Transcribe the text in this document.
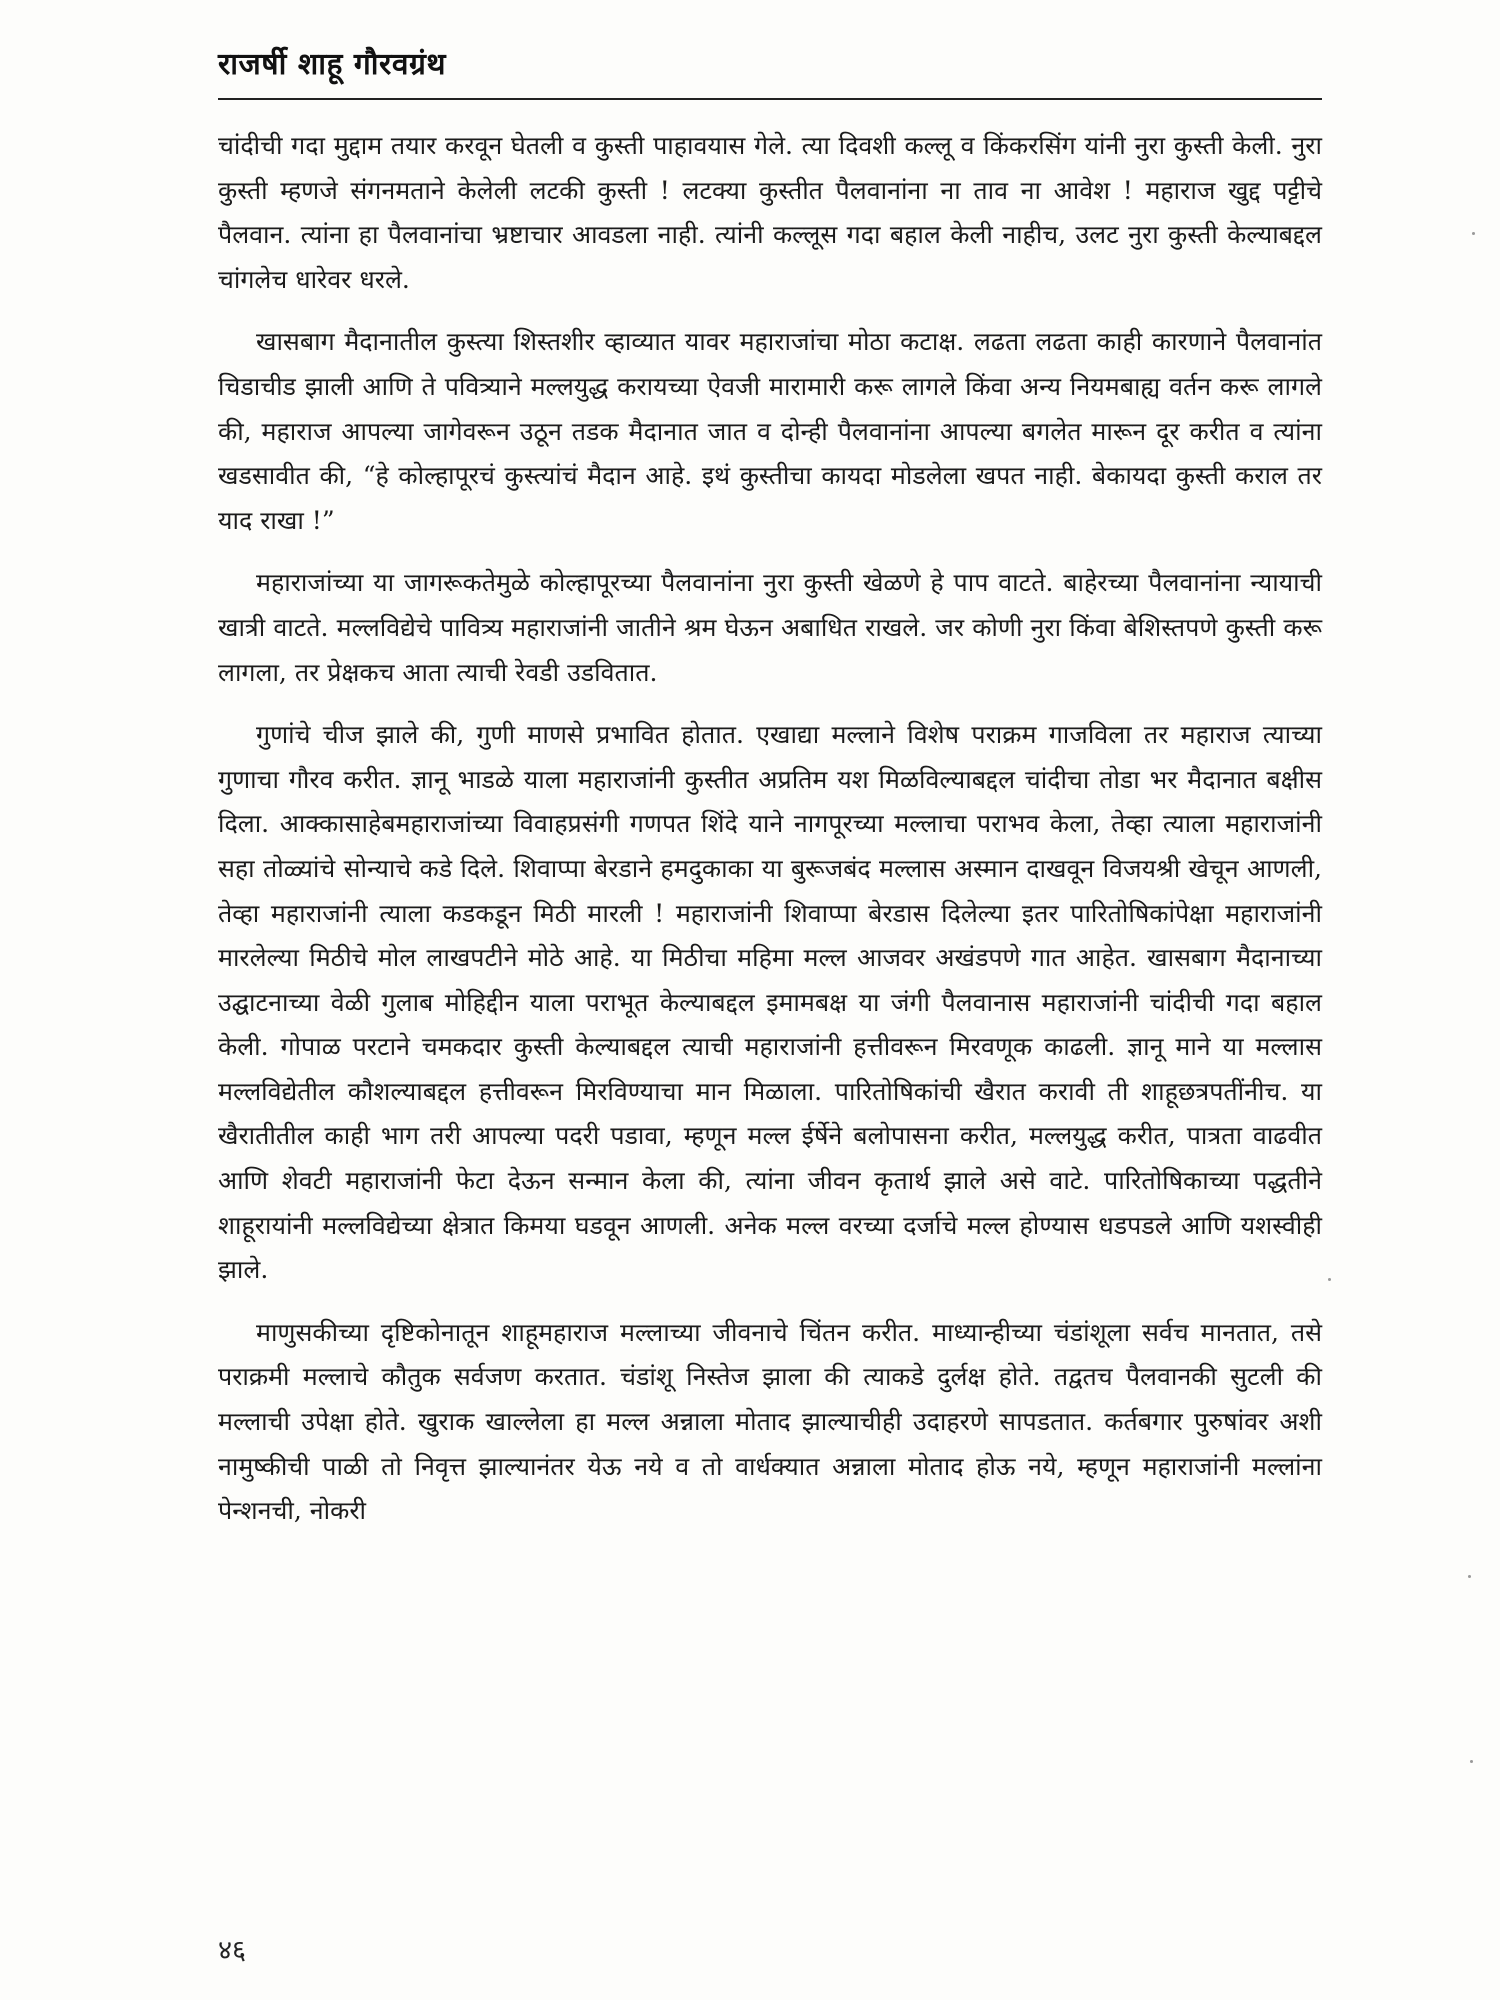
राजर्षी शाहू गौरवग्रंथ

चांदीची गदा मुद्दाम तयार करवून घेतली व कुस्ती पाहावयास गेले. त्या दिवशी कल्लू व किंकरसिंग यांनी नुरा कुस्ती केली. नुरा कुस्ती म्हणजे संगनमताने केलेली लटकी कुस्ती ! लटक्या कुस्तीत पैलवानांना ना ताव ना आवेश ! महाराज खुद्द पट्टीचे पैलवान. त्यांना हा पैलवानांचा भ्रष्टाचार आवडला नाही. त्यांनी कल्लूस गदा बहाल केली नाहीच, उलट नुरा कुस्ती केल्याबद्दल चांगलेच धारेवर धरले.

खासबाग मैदानातील कुस्त्या शिस्तशीर व्हाव्यात यावर महाराजांचा मोठा कटाक्ष. लढता लढता काही कारणाने पैलवानांत चिडाचीड झाली आणि ते पवित्र्याने मल्लयुद्ध करायच्या ऐवजी मारामारी करू लागले किंवा अन्य नियमबाह्य वर्तन करू लागले की, महाराज आपल्या जागेवरून उठून तडक मैदानात जात व दोन्ही पैलवानांना आपल्या बगलेत मारून दूर करीत व त्यांना खडसावीत की, “हे कोल्हापूरचं कुस्त्यांचं मैदान आहे. इथं कुस्तीचा कायदा मोडलेला खपत नाही. बेकायदा कुस्ती कराल तर याद राखा !”

महाराजांच्या या जागरूकतेमुळे कोल्हापूरच्या पैलवानांना नुरा कुस्ती खेळणे हे पाप वाटते. बाहेरच्या पैलवानांना न्यायाची खात्री वाटते. मल्लविद्येचे पावित्र्य महाराजांनी जातीने श्रम घेऊन अबाधित राखले. जर कोणी नुरा किंवा बेशिस्तपणे कुस्ती करू लागला, तर प्रेक्षकच आता त्याची रेवडी उडवितात.

गुणांचे चीज झाले की, गुणी माणसे प्रभावित होतात. एखाद्या मल्लाने विशेष पराक्रम गाजविला तर महाराज त्याच्या गुणाचा गौरव करीत. ज्ञानू भाडळे याला महाराजांनी कुस्तीत अप्रतिम यश मिळविल्याबद्दल चांदीचा तोडा भर मैदानात बक्षीस दिला. आक्कासाहेबमहाराजांच्या विवाहप्रसंगी गणपत शिंदे याने नागपूरच्या मल्लाचा पराभव केला, तेव्हा त्याला महाराजांनी सहा तोळ्यांचे सोन्याचे कडे दिले. शिवाप्पा बेरडाने हमदुकाका या बुरूजबंद मल्लास अस्मान दाखवून विजयश्री खेचून आणली, तेव्हा महाराजांनी त्याला कडकडून मिठी मारली ! महाराजांनी शिवाप्पा बेरडास दिलेल्या इतर पारितोषिकांपेक्षा महाराजांनी मारलेल्या मिठीचे मोल लाखपटीने मोठे आहे. या मिठीचा महिमा मल्ल आजवर अखंडपणे गात आहेत. खासबाग मैदानाच्या उद्घाटनाच्या वेळी गुलाब मोहिद्दीन याला पराभूत केल्याबद्दल इमामबक्ष या जंगी पैलवानास महाराजांनी चांदीची गदा बहाल केली. गोपाळ परटाने चमकदार कुस्ती केल्याबद्दल त्याची महाराजांनी हत्तीवरून मिरवणूक काढली. ज्ञानू माने या मल्लास मल्लविद्येतील कौशल्याबद्दल हत्तीवरून मिरविण्याचा मान मिळाला. पारितोषिकांची खैरात करावी ती शाहूछत्रपतींनीच. या खैरातीतील काही भाग तरी आपल्या पदरी पडावा, म्हणून मल्ल ईर्षेने बलोपासना करीत, मल्लयुद्ध करीत, पात्रता वाढवीत आणि शेवटी महाराजांनी फेटा देऊन सन्मान केला की, त्यांना जीवन कृतार्थ झाले असे वाटे. पारितोषिकाच्या पद्धतीने शाहूरायांनी मल्लविद्येच्या क्षेत्रात किमया घडवून आणली. अनेक मल्ल वरच्या दर्जाचे मल्ल होण्यास धडपडले आणि यशस्वीही झाले.

माणुसकीच्या दृष्टिकोनातून शाहूमहाराज मल्लाच्या जीवनाचे चिंतन करीत. माध्यान्हीच्या चंडांशूला सर्वच मानतात, तसे पराक्रमी मल्लाचे कौतुक सर्वजण करतात. चंडांशू निस्तेज झाला की त्याकडे दुर्लक्ष होते. तद्वतच पैलवानकी सुटली की मल्लाची उपेक्षा होते. खुराक खाल्लेला हा मल्ल अन्नाला मोताद झाल्याचीही उदाहरणे सापडतात. कर्तबगार पुरुषांवर अशी नामुष्कीची पाळी तो निवृत्त झाल्यानंतर येऊ नये व तो वार्धक्यात अन्नाला मोताद होऊ नये, म्हणून महाराजांनी मल्लांना पेन्शनची, नोकरी

४६
